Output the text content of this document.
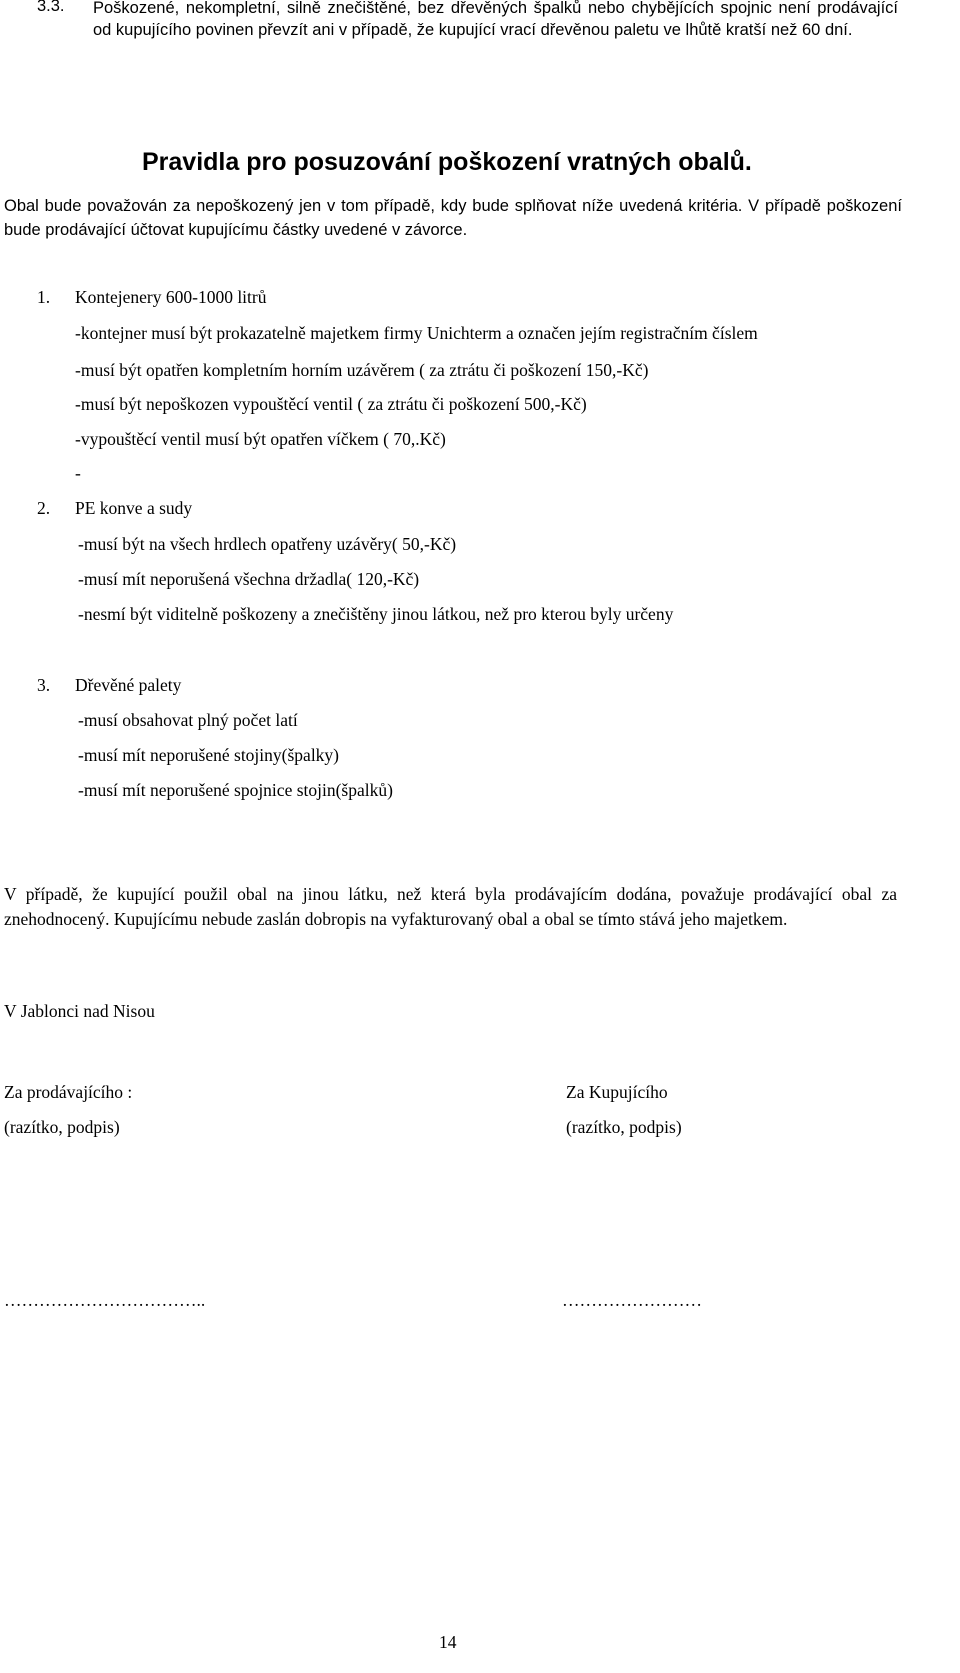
3.3. Poškozené, nekompletní, silně znečištěné, bez dřevěných špalků nebo chybějících spojnic není prodávající od kupujícího povinen převzít ani v případě, že kupující vrací dřevěnou paletu ve lhůtě kratší než 60 dní.
Pravidla pro posuzování poškození vratných obalů.
Obal bude považován za nepoškozený jen v tom případě, kdy bude splňovat níže uvedená kritéria. V případě poškození bude prodávající účtovat kupujícímu částky uvedené v závorce.
1. Kontejenery 600-1000 litrů
-kontejner musí být prokazatelně majetkem firmy Unichterm a označen jejím registračním číslem
-musí být opatřen kompletním horním uzávěrem ( za ztrátu či poškození 150,-Kč)
-musí být nepoškozen vypouštěcí ventil ( za ztrátu či poškození 500,-Kč)
-vypouštěcí ventil musí být opatřen víčkem ( 70,.Kč)
-
2. PE konve a sudy
-musí být na všech hrdlech opatřeny uzávěry( 50,-Kč)
-musí mít neporušená všechna držadla( 120,-Kč)
-nesmí být viditelně poškozeny a znečištěny jinou látkou, než pro kterou byly určeny
3. Dřevěné palety
-musí obsahovat plný počet latí
-musí mít neporušené stojiny(špalky)
-musí mít neporušené spojnice stojin(špalků)
V případě, že kupující použil obal na jinou látku, než která byla prodávajícím dodána, považuje prodávající obal za znehodnocený. Kupujícímu nebude zaslán dobropis na vyfakturovaný obal a obal se tímto stává jeho majetkem.
V Jablonci nad Nisou
Za prodávajícího :
(razítko, podpis)
Za Kupujícího
(razítko, podpis)
……………………………..	……………………
14
